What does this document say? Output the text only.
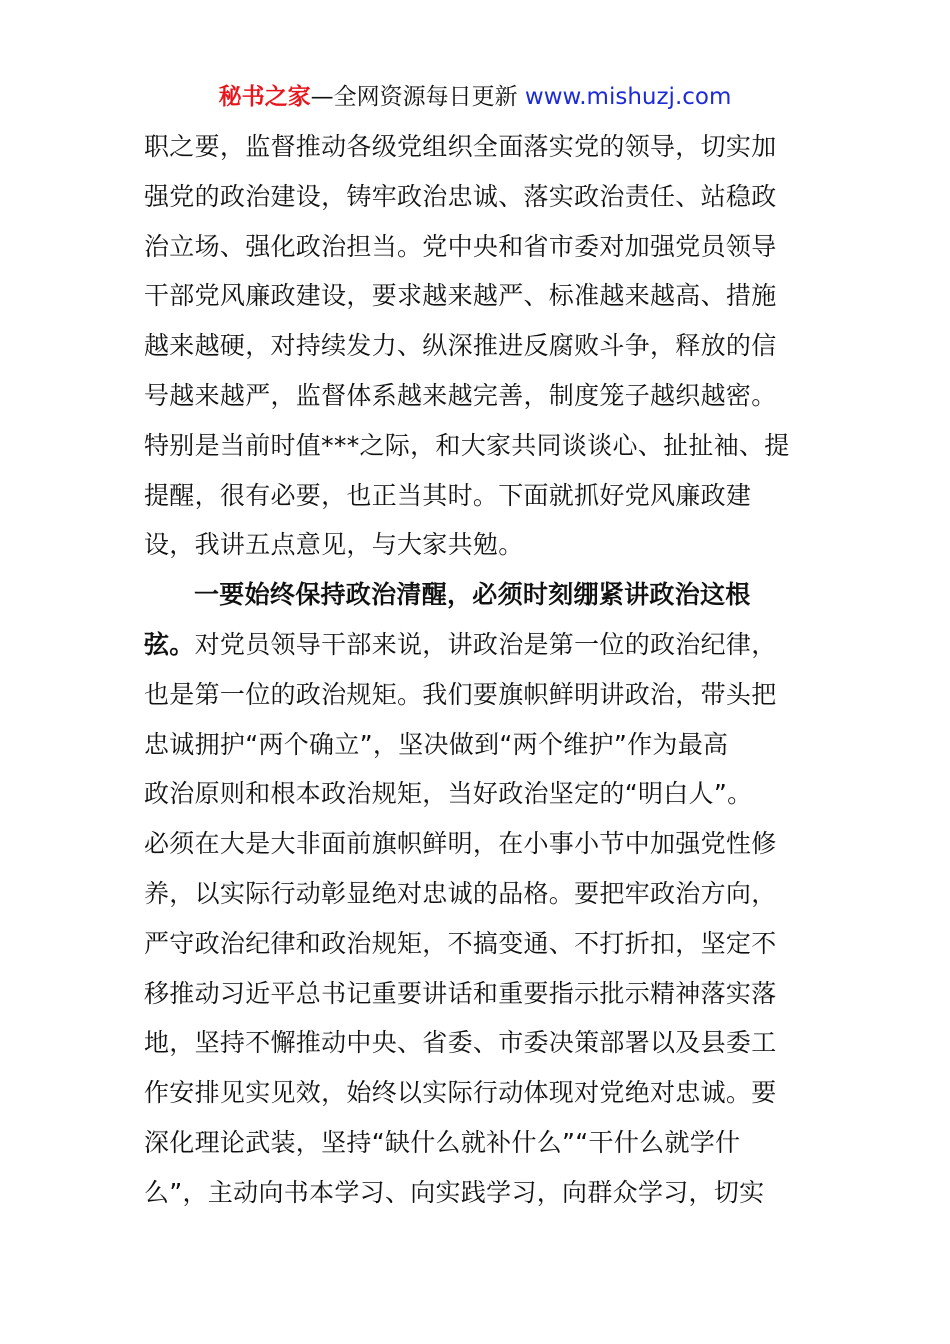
秘书之家—全网资源每日更新 www.mishuzj.com
职之要，监督推动各级党组织全面落实党的领导，切实加
强党的政治建设，铸牢政治忠诚、落实政治责任、站稳政
治立场、强化政治担当。党中央和省市委对加强党员领导
干部党风廉政建设，要求越来越严、标准越来越高、措施
越来越硬，对持续发力、纵深推进反腐败斗争，释放的信
号越来越严，监督体系越来越完善，制度笼子越织越密。
特别是当前时值***之际，和大家共同谈谈心、扯扯袖、提
提醒，很有必要，也正当其时。下面就抓好党风廉政建
设，我讲五点意见，与大家共勉。
一要始终保持政治清醒，必须时刻绷紧讲政治这根
弦。对党员领导干部来说，讲政治是第一位的政治纪律，
也是第一位的政治规矩。我们要旗帜鲜明讲政治，带头把
忠诚拥护“两个确立”，坚决做到“两个维护”作为最高
政治原则和根本政治规矩，当好政治坚定的“明白人”。
必须在大是大非面前旗帜鲜明，在小事小节中加强党性修
养，以实际行动彰显绝对忠诚的品格。要把牢政治方向，
严守政治纪律和政治规矩，不搞变通、不打折扣，坚定不
移推动习近平总书记重要讲话和重要指示批示精神落实落
地，坚持不懈推动中央、省委、市委决策部署以及县委工
作安排见实见效，始终以实际行动体现对党绝对忠诚。要
深化理论武装，坚持“缺什么就补什么”“干什么就学什
么”，主动向书本学习、向实践学习，向群众学习，切实
